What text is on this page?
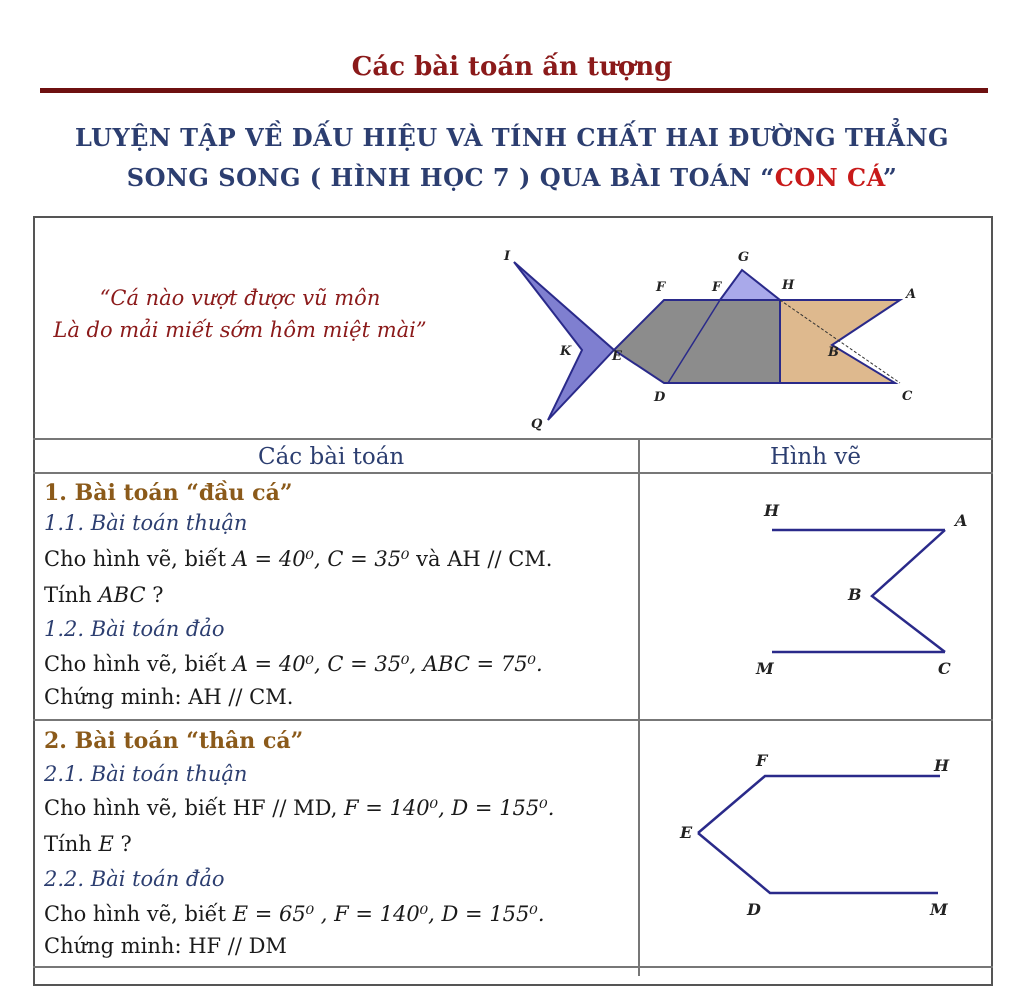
Các bài toán ấn tượng
LUYỆN TẬP VỀ DẤU HIỆU VÀ TÍNH CHẤT HAI ĐƯỜNG THẲNG
SONG SONG ( HÌNH HỌC 7 ) QUA BÀI TOÁN “CON CÁ”
“Cá nào vượt được vũ môn
Là do mải miết sớm hôm miệt mài”
Các bài toán	Hình vẽ
1. Bài toán “đầu cá”
1.1. Bài toán thuận
Cho hình vẽ, biết A = 40⁰, C = 35⁰ và AH // CM.
Tính ABC ?
1.2. Bài toán đảo
Cho hình vẽ, biết A = 40⁰, C = 35⁰, ABC = 75⁰.
Chứng minh: AH // CM.
2. Bài toán “thân cá”
2.1. Bài toán thuận
Cho hình vẽ, biết HF // MD, F = 140⁰, D = 155⁰.
Tính E ?
2.2. Bài toán đảo
Cho hình vẽ, biết E = 65⁰ , F = 140⁰, D = 155⁰.
Chứng minh: HF // DM
I	G
F	F	H
A
K	E	B
D	C
Q
H
A
B
M	C
F	H
E
D	M
